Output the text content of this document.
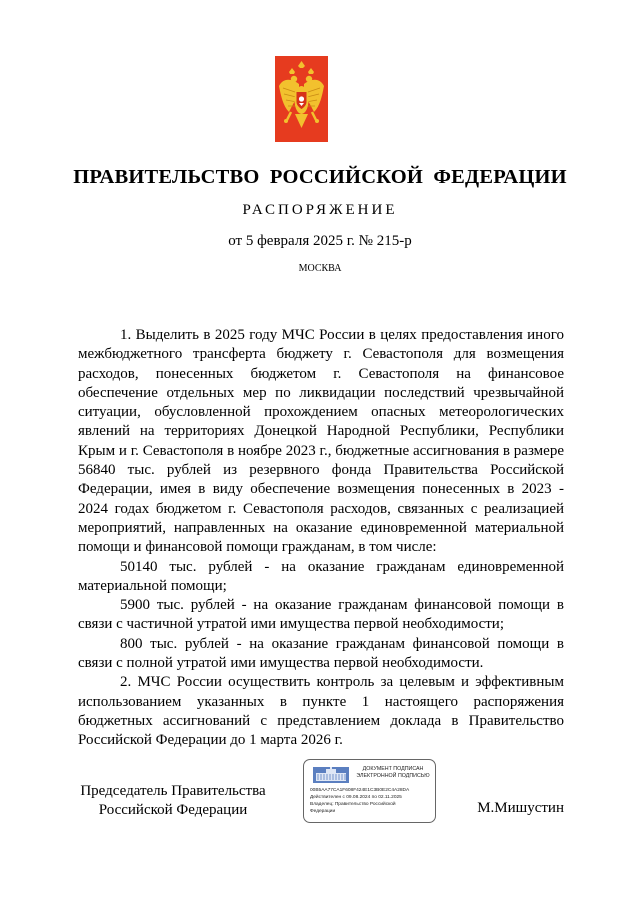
ПРАВИТЕЛЬСТВО РОССИЙСКОЙ ФЕДЕРАЦИИ
РАСПОРЯЖЕНИЕ
от 5 февраля 2025 г. № 215-р
МОСКВА

1. Выделить в 2025 году МЧС России в целях предоставления иного межбюджетного трансферта бюджету г. Севастополя для возмещения расходов, понесенных бюджетом г. Севастополя на финансовое обеспечение отдельных мер по ликвидации последствий чрезвычайной ситуации, обусловленной прохождением опасных метеорологических явлений на территориях Донецкой Народной Республики, Республики Крым и г. Севастополя в ноябре 2023 г., бюджетные ассигнования в размере 56840 тыс. рублей из резервного фонда Правительства Российской Федерации, имея в виду обеспечение возмещения понесенных в 2023 - 2024 годах бюджетом г. Севастополя расходов, связанных с реализацией мероприятий, направленных на оказание единовременной материальной помощи и финансовой помощи гражданам, в том числе:

50140 тыс. рублей - на оказание гражданам единовременной материальной помощи;

5900 тыс. рублей - на оказание гражданам финансовой помощи в связи с частичной утратой ими имущества первой необходимости;

800 тыс. рублей - на оказание гражданам финансовой помощи в связи с полной утратой ими имущества первой необходимости.

2. МЧС России осуществить контроль за целевым и эффективным использованием указанных в пункте 1 настоящего распоряжения бюджетных ассигнований с представлением доклада в Правительство Российской Федерации до 1 марта 2026 г.

Председатель Правительства
Российской Федерации
ДОКУМЕНТ ПОДПИСАН
ЭЛЕКТРОННОЙ ПОДПИСЬЮ
00B5AA77CA1F608F424E1C3B0E2C4A28DA
Действителен с 09.08.2024 по 02.11.2025
Владелец: Правительство Российской
Федерации	М.Мишустин
